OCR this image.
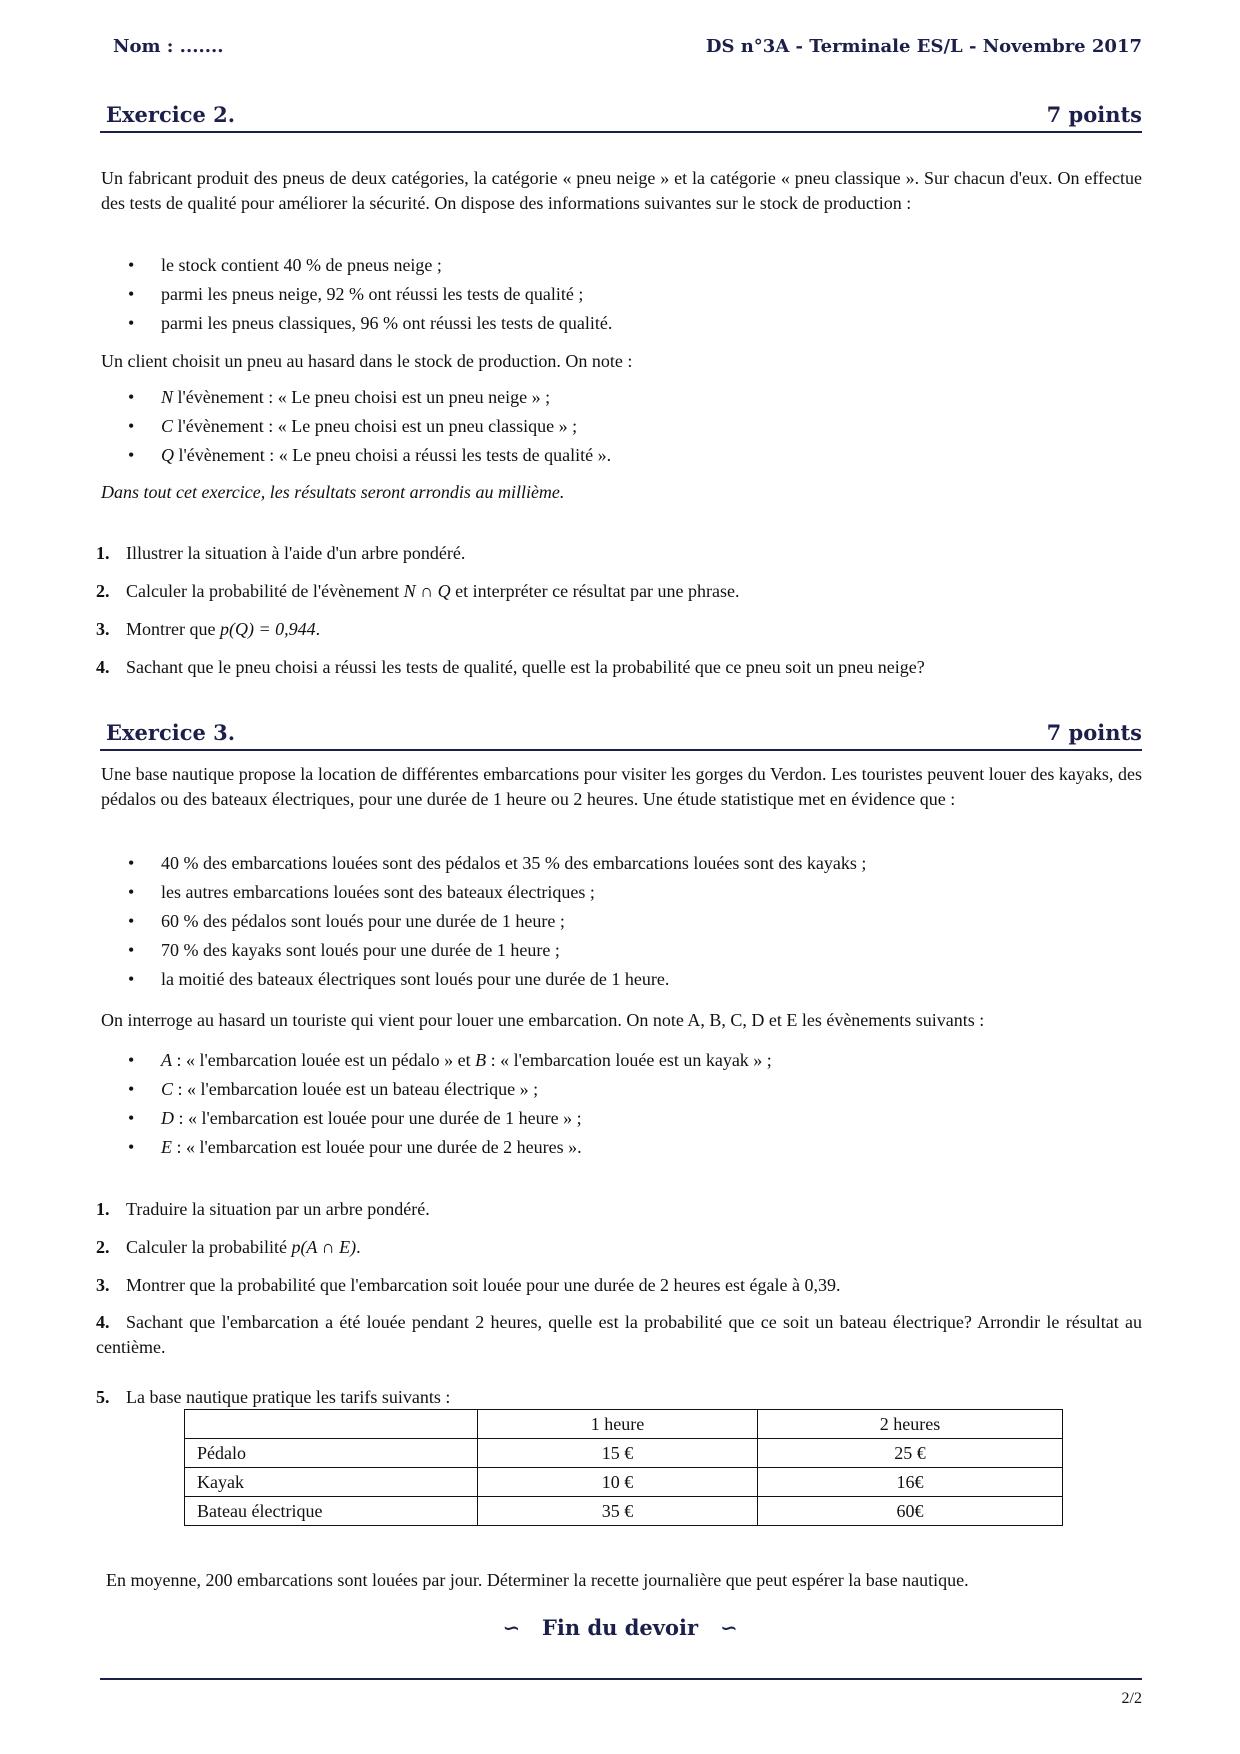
Nom : .......	DS n°3A - Terminale ES/L - Novembre 2017
Exercice 2.	7 points
Un fabricant produit des pneus de deux catégories, la catégorie « pneu neige » et la catégorie « pneu classique ». Sur chacun d'eux. On effectue des tests de qualité pour améliorer la sécurité. On dispose des informations suivantes sur le stock de production :
• le stock contient 40 % de pneus neige ;
• parmi les pneus neige, 92 % ont réussi les tests de qualité ;
• parmi les pneus classiques, 96 % ont réussi les tests de qualité.
Un client choisit un pneu au hasard dans le stock de production. On note :
• N l'évènement : « Le pneu choisi est un pneu neige » ;
• C l'évènement : « Le pneu choisi est un pneu classique » ;
• Q l'évènement : « Le pneu choisi a réussi les tests de qualité ».
Dans tout cet exercice, les résultats seront arrondis au millième.
1. Illustrer la situation à l'aide d'un arbre pondéré.
2. Calculer la probabilité de l'évènement N ∩ Q et interpréter ce résultat par une phrase.
3. Montrer que p(Q) = 0,944.
4. Sachant que le pneu choisi a réussi les tests de qualité, quelle est la probabilité que ce pneu soit un pneu neige?
Exercice 3.	7 points
Une base nautique propose la location de différentes embarcations pour visiter les gorges du Verdon. Les touristes peuvent louer des kayaks, des pédalos ou des bateaux électriques, pour une durée de 1 heure ou 2 heures. Une étude statistique met en évidence que :
• 40 % des embarcations louées sont des pédalos et 35 % des embarcations louées sont des kayaks ;
• les autres embarcations louées sont des bateaux électriques ;
• 60 % des pédalos sont loués pour une durée de 1 heure ;
• 70 % des kayaks sont loués pour une durée de 1 heure ;
• la moitié des bateaux électriques sont loués pour une durée de 1 heure.
On interroge au hasard un touriste qui vient pour louer une embarcation. On note A, B, C, D et E les évènements suivants :
• A : « l'embarcation louée est un pédalo » et B : « l'embarcation louée est un kayak » ;
• C : « l'embarcation louée est un bateau électrique » ;
• D : « l'embarcation est louée pour une durée de 1 heure » ;
• E : « l'embarcation est louée pour une durée de 2 heures ».
1. Traduire la situation par un arbre pondéré.
2. Calculer la probabilité p(A ∩ E).
3. Montrer que la probabilité que l'embarcation soit louée pour une durée de 2 heures est égale à 0,39.
4. Sachant que l'embarcation a été louée pendant 2 heures, quelle est la probabilité que ce soit un bateau électrique? Arrondir le résultat au centième.
5. La base nautique pratique les tarifs suivants :
	1 heure	2 heures
Pédalo	15 €	25 €
Kayak	10 €	16€
Bateau électrique	35 €	60€
En moyenne, 200 embarcations sont louées par jour. Déterminer la recette journalière que peut espérer la base nautique.
∽ Fin du devoir ∽
2/2
